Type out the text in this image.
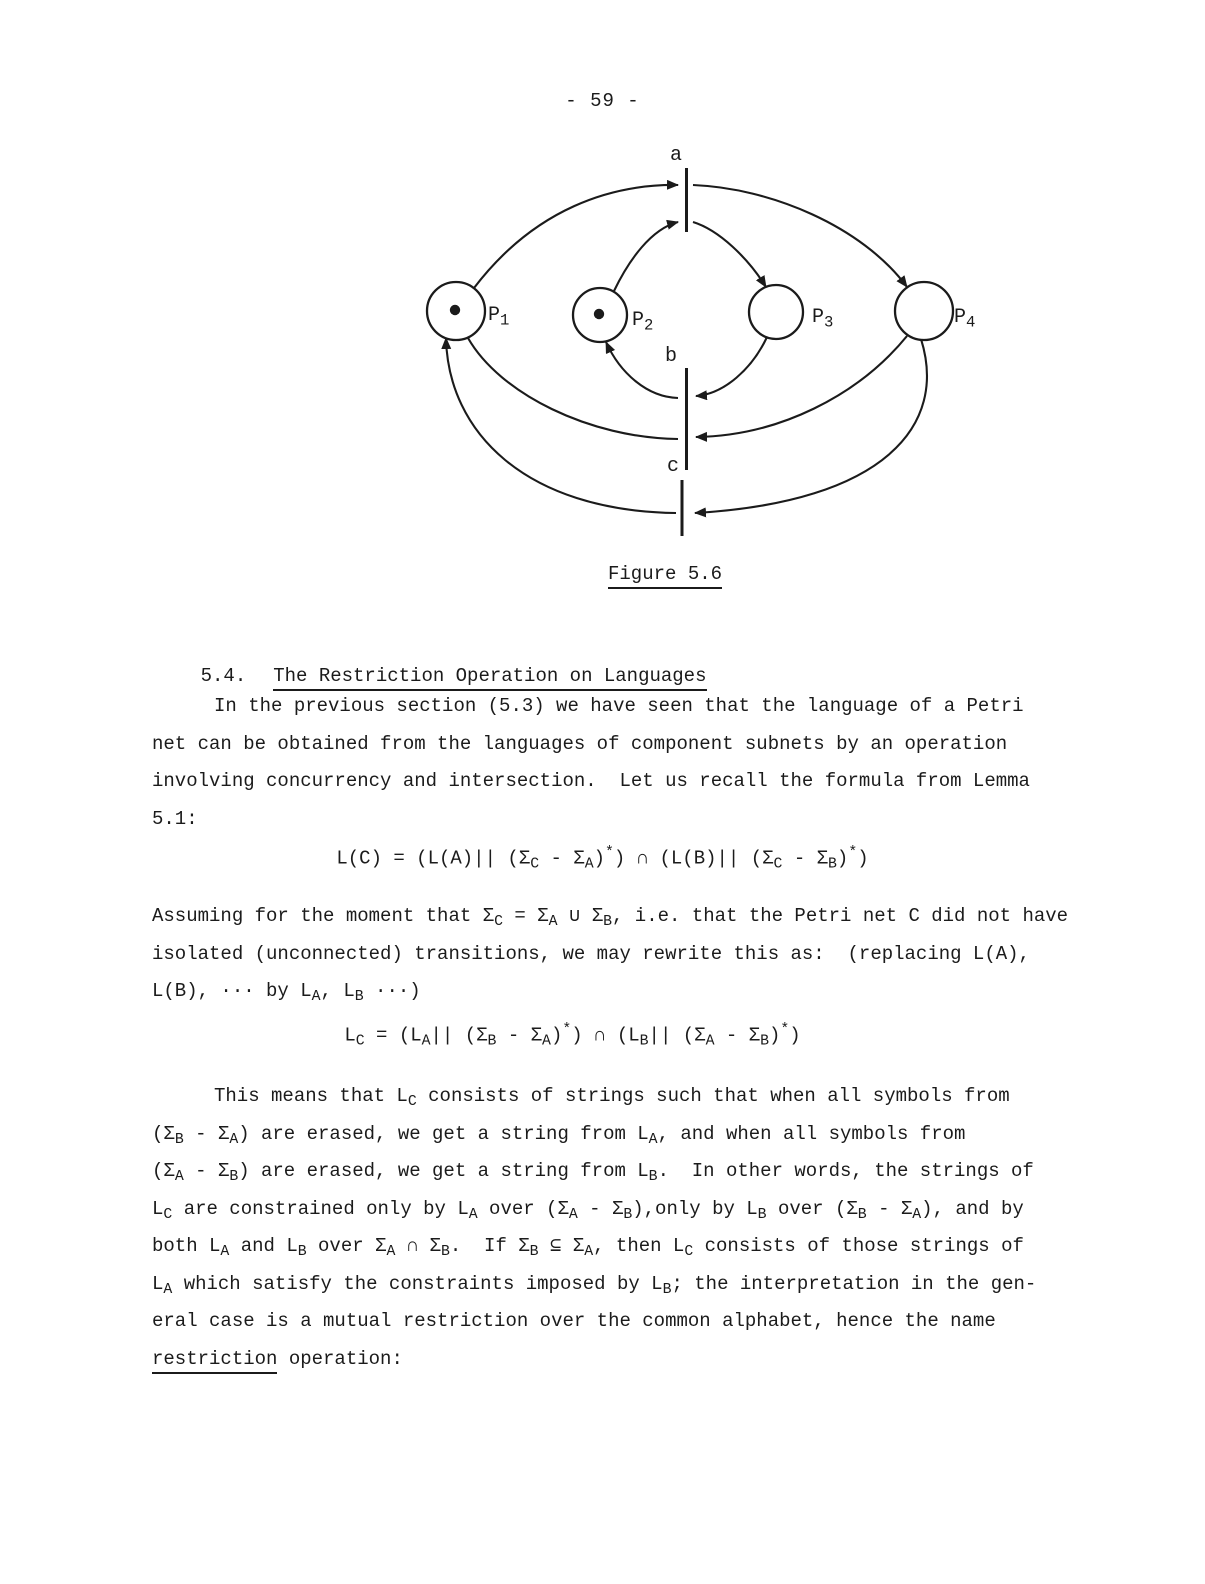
- 59 -
$P_1$	$P_2$	$P_3$	$P_4$
a
b
c
Figure 5.6

5.4. The Restriction Operation on Languages

In the previous section (5.3) we have seen that the language of a Petri
net can be obtained from the languages of component subnets by an operation
involving concurrency and intersection.  Let us recall the formula from Lemma
5.1:
L(C) = (L(A)|| $(\Sigma_C - \Sigma_A)^*$) ∩ (L(B)|| $(\Sigma_C - \Sigma_B)^*$)
Assuming for the moment that $\Sigma_C = \Sigma_A$ ∪ $\Sigma_B$, i.e. that the Petri net C did not have
isolated (unconnected) transitions, we may rewrite this as:  (replacing L(A),
L(B), ··· by $L_A$, $L_B$ ···)
$L_C = (L_A||$ $(\Sigma_B - \Sigma_A)^*$) ∩ ($L_B||$ $(\Sigma_A - \Sigma_B)^*$)
This means that $L_C$ consists of strings such that when all symbols from
$(\Sigma_B - \Sigma_A)$ are erased, we get a string from $L_A$, and when all symbols from
$(\Sigma_A - \Sigma_B)$ are erased, we get a string from $L_B$.  In other words, the strings of
$L_C$ are constrained only by $L_A$ over ($\Sigma_A$ - $\Sigma_B),only$ by $L_B$ over $(\Sigma_B - \Sigma_A)$, and by
both $L_A$ and $L_B$ over $\Sigma_A$ ∩ $\Sigma_B$.  If $\Sigma_B$ ⊆ $\Sigma_A$, then $L_C$ consists of those strings of
$L_A$ which satisfy the constraints imposed by $L_B$; the interpretation in the gen-
eral case is a mutual restriction over the common alphabet, hence the name
restriction operation:
